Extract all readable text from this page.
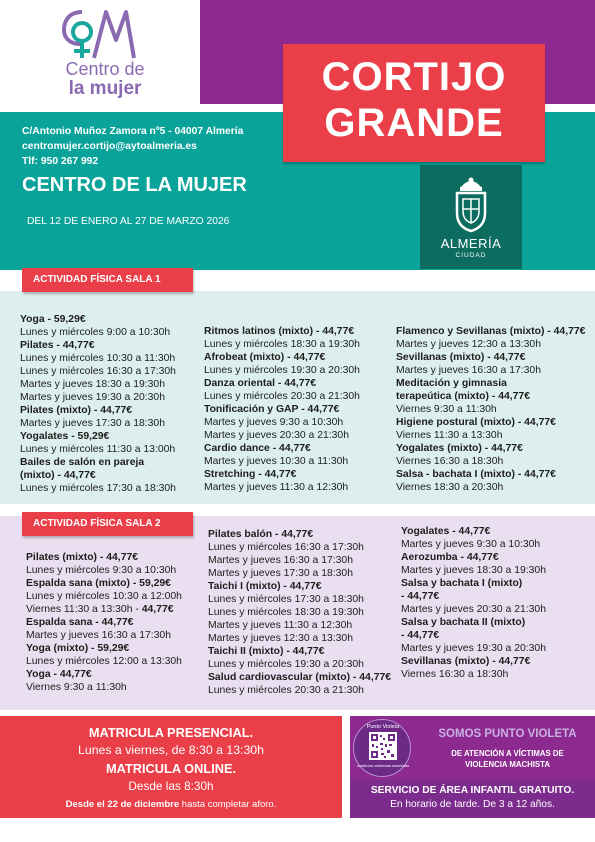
Centro de
la mujer	CORTIJO
GRANDE
C/Antonio Muñoz Zamora nº5 - 04007 Almería
centromujer.cortijo@aytoalmeria.es
Tlf: 950 267 992
CENTRO DE LA MUJER
DEL 12 DE ENERO AL 27 DE MARZO 2026
ALMERÍA
CIUDAD
ACTIVIDAD FÍSICA SALA 1
Yoga - 59,29€
Lunes y miércoles 9:00 a 10:30h
Pilates - 44,77€
Lunes y miércoles 10:30 a 11:30h
Lunes y miércoles 16:30 a 17:30h
Martes y jueves 18:30 a 19:30h
Martes y jueves 19:30 a 20:30h
Pilates (mixto) - 44,77€
Martes y jueves 17:30 a 18:30h
Yogalates - 59,29€
Lunes y miércoles 11:30 a 13:00h
Bailes de salón en pareja
(mixto) - 44,77€
Lunes y miércoles 17:30 a 18:30h
Ritmos latinos (mixto) - 44,77€
Lunes y miércoles 18:30 a 19:30h
Afrobeat (mixto) - 44,77€
Lunes y miércoles 19:30 a 20:30h
Danza oriental - 44,77€
Lunes y miércoles 20:30 a 21:30h
Tonificación y GAP - 44,77€
Martes y jueves 9:30 a 10:30h
Martes y jueves 20:30 a 21:30h
Cardio dance - 44,77€
Martes y jueves 10:30 a 11:30h
Stretching - 44,77€
Martes y jueves 11:30 a 12:30h
Flamenco y Sevillanas (mixto) - 44,77€
Martes y jueves 12:30 a 13:30h
Sevillanas (mixto) - 44,77€
Martes y jueves 16:30 a 17:30h
Meditación y gimnasia
terapeútica (mixto) - 44,77€
Viernes 9:30 a 11:30h
Higiene postural (mixto) - 44,77€
Viernes 11:30 a 13:30h
Yogalates (mixto) - 44,77€
Viernes 16:30 a 18:30h
Salsa - bachata I (mixto) - 44,77€
Viernes 18:30 a 20:30h
ACTIVIDAD FÍSICA SALA 2
Pilates (mixto) - 44,77€
Lunes y miércoles 9:30 a 10:30h
Espalda sana (mixto) - 59,29€
Lunes y miércoles 10:30 a 12:00h
Viernes 11:30 a 13:30h - 44,77€
Espalda sana - 44,77€
Martes y jueves 16:30 a 17:30h
Yoga (mixto) - 59,29€
Lunes y miércoles 12:00 a 13:30h
Yoga - 44,77€
Viernes 9:30 a 11:30h
Pilates balón - 44,77€
Lunes y miércoles 16:30 a 17:30h
Martes y jueves 16:30 a 17:30h
Martes y jueves 17:30 a 18:30h
Taichi I (mixto) - 44,77€
Lunes y miércoles 17:30 a 18:30h
Lunes y miércoles 18:30 a 19:30h
Martes y jueves 11:30 a 12:30h
Martes y jueves 12:30 a 13:30h
Taichi II (mixto) - 44,77€
Lunes y miércoles 19:30 a 20:30h
Salud cardiovascular (mixto) - 44,77€
Lunes y miércoles 20:30 a 21:30h
Yogalates - 44,77€
Martes y jueves 9:30 a 10:30h
Aerozumba - 44,77€
Martes y jueves 18:30 a 19:30h
Salsa y bachata I (mixto)
- 44,77€
Martes y jueves 20:30 a 21:30h
Salsa y bachata II (mixto)
- 44,77€
Martes y jueves 19:30 a 20:30h
Sevillanas (mixto) - 44,77€
Viernes 16:30 a 18:30h
MATRICULA PRESENCIAL.
Lunes a viernes, de 8:30 a 13:30h
MATRICULA ONLINE.
Desde las 8:30h
Desde el 22 de diciembre hasta completar aforo.
Punto Violeta
contra las violencias machistas
SOMOS PUNTO VIOLETA
DE ATENCIÓN A VÍCTIMAS DE
VIOLENCIA MACHISTA
SERVICIO DE ÁREA INFANTIL GRATUITO.
En horario de tarde. De 3 a 12 años.
